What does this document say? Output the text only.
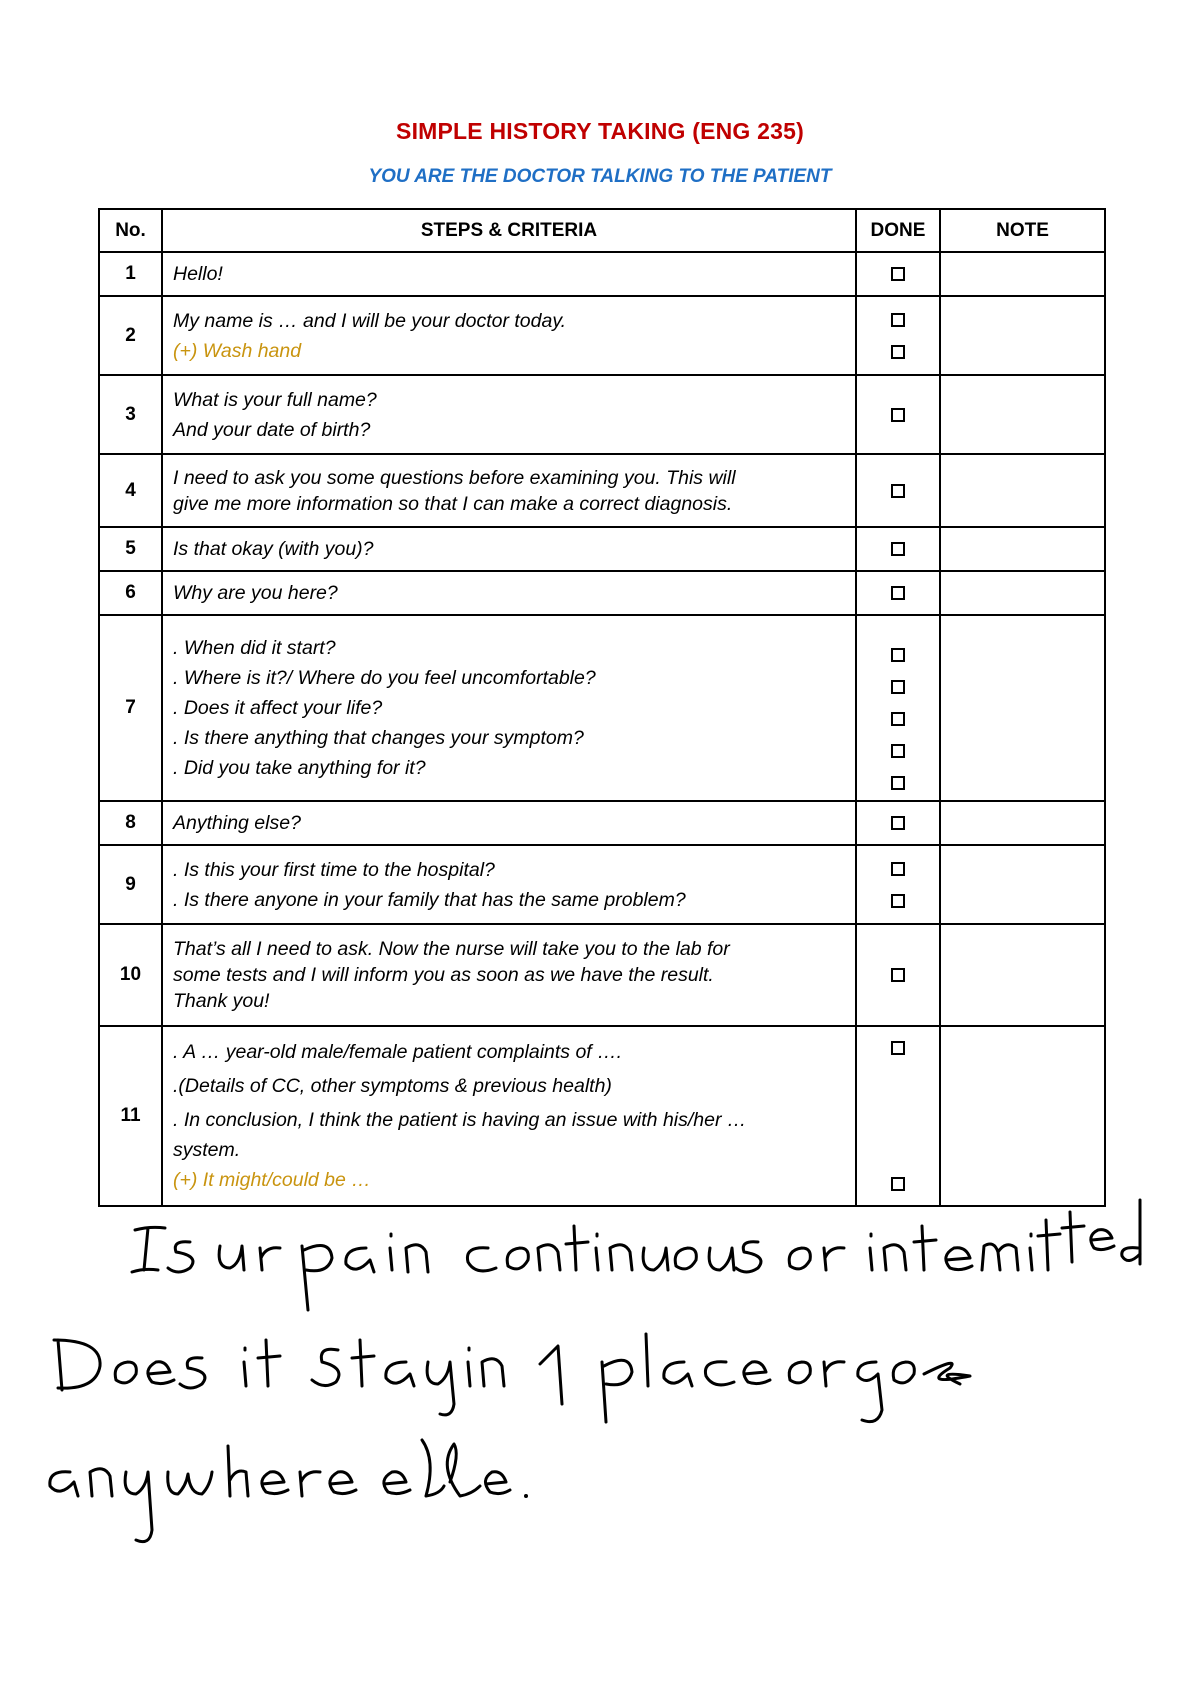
SIMPLE HISTORY TAKING (ENG 235)
YOU ARE THE DOCTOR TALKING TO THE PATIENT
No.	STEPS & CRITERIA	DONE	NOTE
1	Hello!		

2	My name is … and I will be your doctor today.
(+) Wash hand		

3	What is your full name?
And your date of birth?		

4	I need to ask you some questions before examining you. This will
give me more information so that I can make a correct diagnosis.		

5	Is that okay (with you)?		

6	Why are you here?		

7	. When did it start?
. Where is it?/ Where do you feel uncomfortable?
. Does it affect your life?
. Is there anything that changes your symptom?
. Did you take anything for it?		

8	Anything else?		

9	. Is this your first time to the hospital?
. Is there anyone in your family that has the same problem?		

10	That’s all I need to ask. Now the nurse will take you to the lab for
some tests and I will inform you as soon as we have the result.
Thank you!		

11	. A … year-old male/female patient complaints of ….
.(Details of CC, other symptoms & previous health)
. In conclusion, I think the patient is having an issue with his/her …
system.
(+) It might/could be …		
